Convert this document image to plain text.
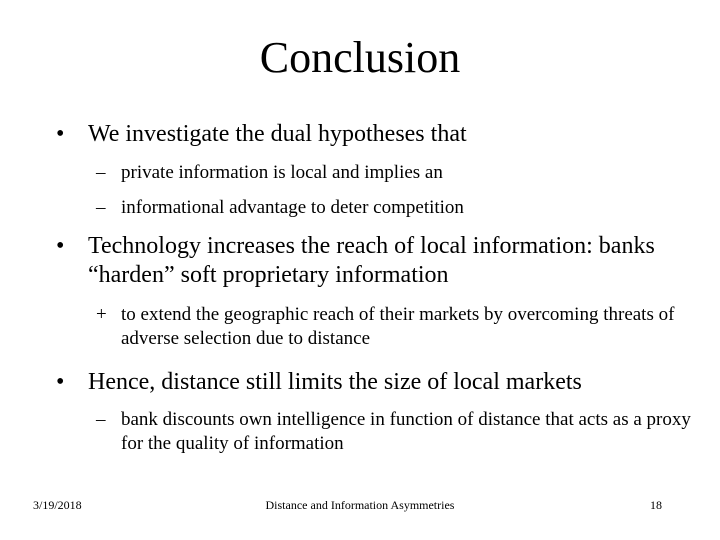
Conclusion
• We investigate the dual hypotheses that
– private information is local and implies an
– informational advantage to deter competition
• Technology increases the reach of local information: banks “harden” soft proprietary information
+ to extend the geographic reach of their markets by overcoming threats of adverse selection due to distance
• Hence, distance still limits the size of local markets
– bank discounts own intelligence in function of distance that acts as a proxy for the quality of information
3/19/2018	Distance and Information Asymmetries	18
